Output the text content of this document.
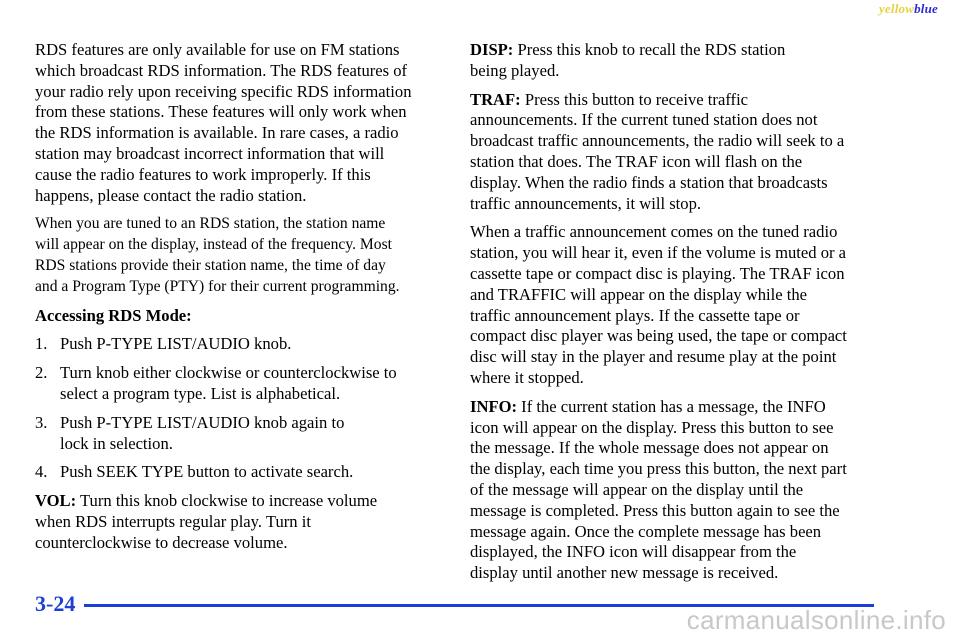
yellowblue

RDS features are only available for use on FM stations
which broadcast RDS information. The RDS features of
your radio rely upon receiving specific RDS information
from these stations. These features will only work when
the RDS information is available. In rare cases, a radio
station may broadcast incorrect information that will
cause the radio features to work improperly. If this
happens, please contact the radio station.

When you are tuned to an RDS station, the station name
will appear on the display, instead of the frequency. Most
RDS stations provide their station name, the time of day
and a Program Type (PTY) for their current programming.

Accessing RDS Mode:
1. Push P-TYPE LIST/AUDIO knob.
2. Turn knob either clockwise or counterclockwise to
select a program type. List is alphabetical.
3. Push P-TYPE LIST/AUDIO knob again to
lock in selection.
4. Push SEEK TYPE button to activate search.

VOL: Turn this knob clockwise to increase volume
when RDS interrupts regular play. Turn it
counterclockwise to decrease volume.

DISP: Press this knob to recall the RDS station
being played.

TRAF: Press this button to receive traffic
announcements. If the current tuned station does not
broadcast traffic announcements, the radio will seek to a
station that does. The TRAF icon will flash on the
display. When the radio finds a station that broadcasts
traffic announcements, it will stop.

When a traffic announcement comes on the tuned radio
station, you will hear it, even if the volume is muted or a
cassette tape or compact disc is playing. The TRAF icon
and TRAFFIC will appear on the display while the
traffic announcement plays. If the cassette tape or
compact disc player was being used, the tape or compact
disc will stay in the player and resume play at the point
where it stopped.

INFO: If the current station has a message, the INFO
icon will appear on the display. Press this button to see
the message. If the whole message does not appear on
the display, each time you press this button, the next part
of the message will appear on the display until the
message is completed. Press this button again to see the
message again. Once the complete message has been
displayed, the INFO icon will disappear from the
display until another new message is received.

3-24
carmanualsonline.info
